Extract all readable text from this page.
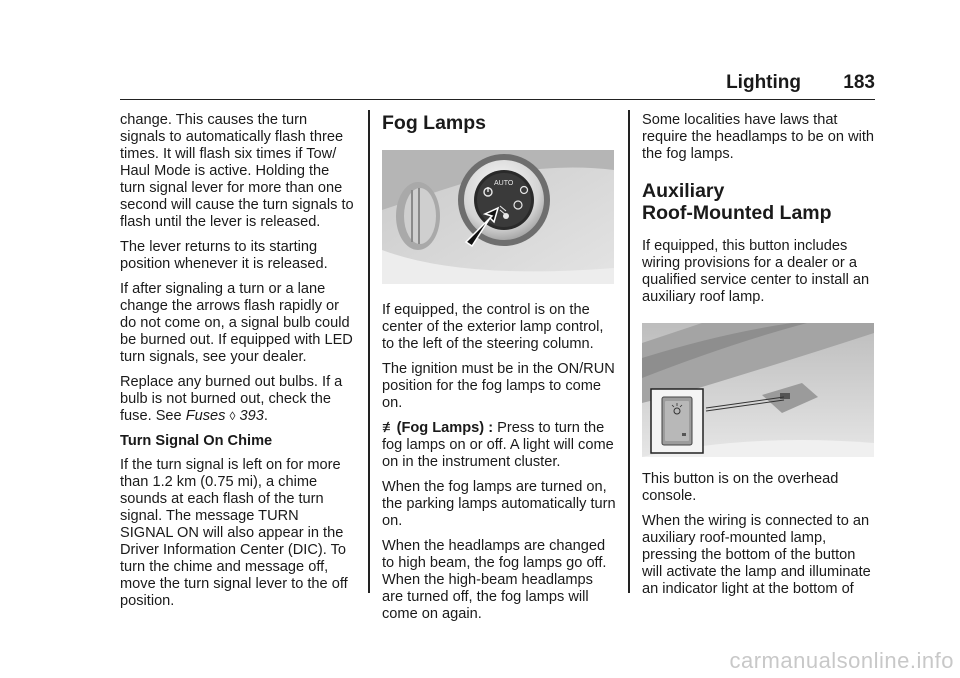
Lighting 183

change. This causes the turn signals to automatically flash three times. It will flash six times if Tow/ Haul Mode is active. Holding the turn signal lever for more than one second will cause the turn signals to flash until the lever is released.

The lever returns to its starting position whenever it is released.

If after signaling a turn or a lane change the arrows flash rapidly or do not come on, a signal bulb could be burned out. If equipped with LED turn signals, see your dealer.

Replace any burned out bulbs. If a bulb is not burned out, check the fuse. See Fuses ◊ 393.

Turn Signal On Chime

If the turn signal is left on for more than 1.2 km (0.75 mi), a chime sounds at each flash of the turn signal. The message TURN SIGNAL ON will also appear in the Driver Information Center (DIC). To turn the chime and message off, move the turn signal lever to the off position.

Fog Lamps
AUTO

If equipped, the control is on the center of the exterior lamp control, to the left of the steering column.

The ignition must be in the ON/RUN position for the fog lamps to come on.

≢(Fog Lamps) : Press to turn the fog lamps on or off. A light will come on in the instrument cluster.

When the fog lamps are turned on, the parking lamps automatically turn on.

When the headlamps are changed to high beam, the fog lamps go off. When the high-beam headlamps are turned off, the fog lamps will come on again.

Some localities have laws that require the headlamps to be on with the fog lamps.

Auxiliary
Roof-Mounted Lamp

If equipped, this button includes wiring provisions for a dealer or a qualified service center to install an auxiliary roof lamp.

This button is on the overhead console.

When the wiring is connected to an auxiliary roof-mounted lamp, pressing the bottom of the button will activate the lamp and illuminate an indicator light at the bottom of

carmanualsonline.info
